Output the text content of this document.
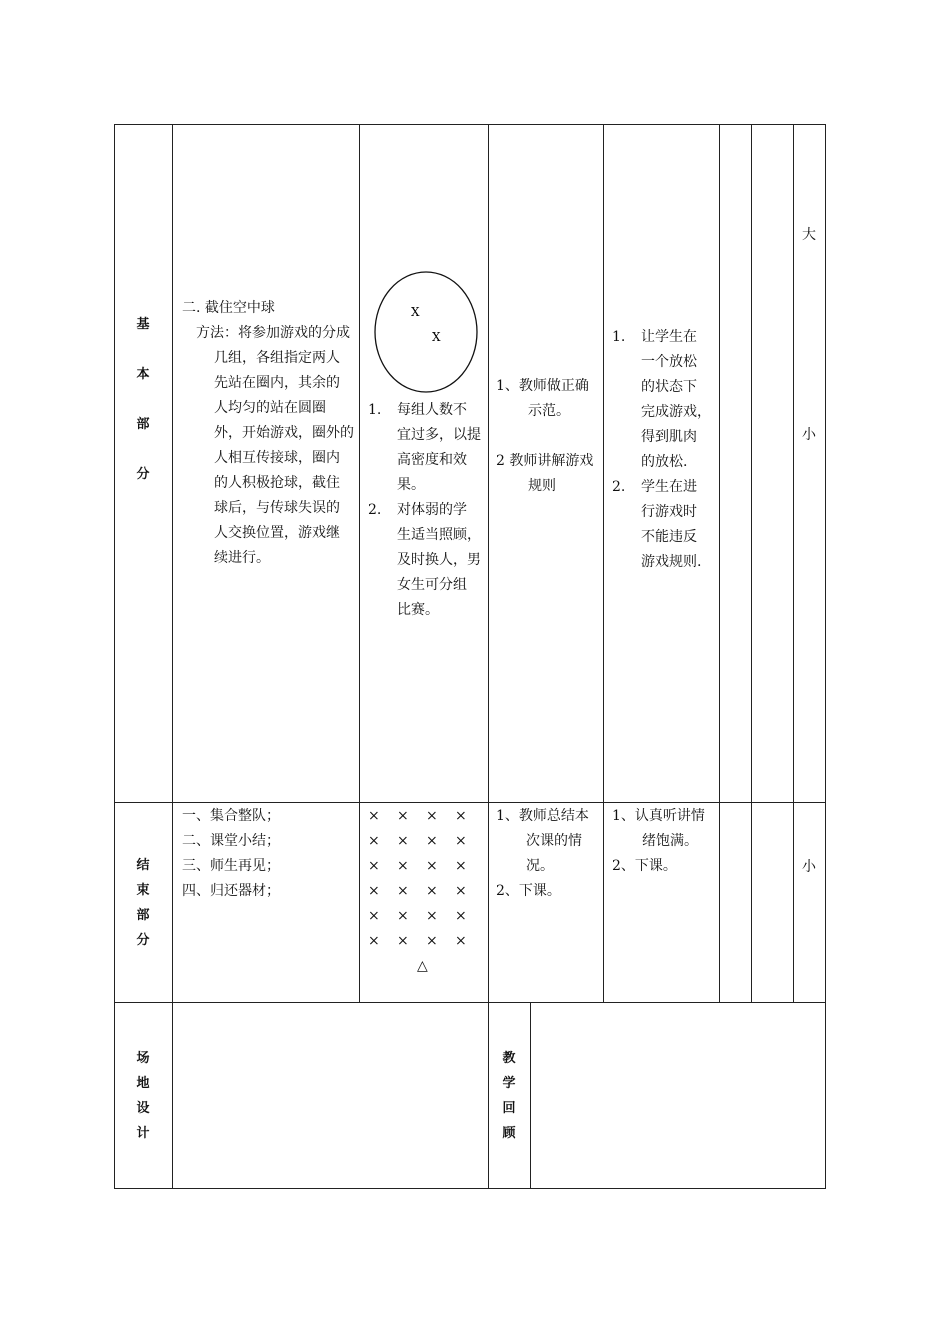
基
本
部
分
二. 截住空中球
方法：将参加游戏的分成
几组，各组指定两人
先站在圈内，其余的
人均匀的站在圆圈
外，开始游戏，圈外的
人相互传接球，圈内
的人积极抢球，截住
球后，与传球失误的
人交换位置，游戏继
续进行。
X
X
1. 每组人数不
宜过多，以提
高密度和效
果。
2. 对体弱的学
生适当照顾，
及时换人，男
女生可分组
比赛。
1、教师做正确
示范。
2 教师讲解游戏
规则
1. 让学生在
一个放松
的状态下
完成游戏，
得到肌肉
的放松.
2. 学生在进
行游戏时
不能违反
游戏规则.
大
小
结
束
部
分
一、集合整队；
二、课堂小结；
三、师生再见；
四、归还器材；
× × × ×
× × × ×
× × × ×
× × × ×
× × × ×
× × × ×
△
1、教师总结本
次课的情
况。
2、下课。
1、认真听讲情
绪饱满。
2、下课。	小
场
地
设
计
教
学
回
顾
